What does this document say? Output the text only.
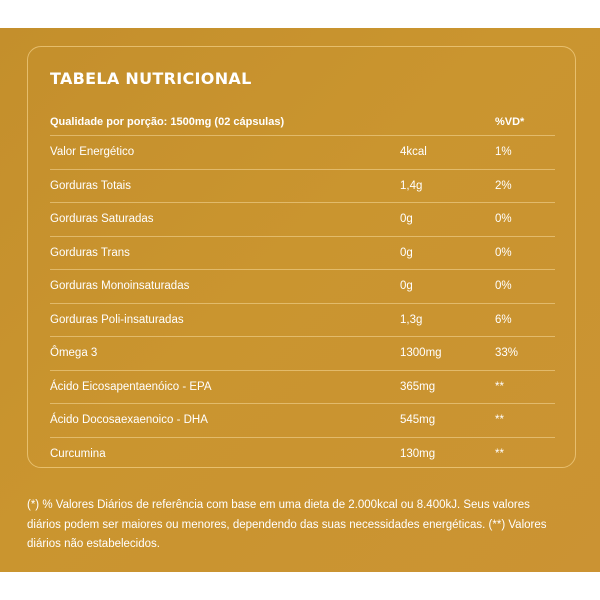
TABELA NUTRICIONAL
Qualidade por porção: 1500mg (02 cápsulas)	%VD*
Valor Energético	4kcal	1%
Gorduras Totais	1,4g	2%
Gorduras Saturadas	0g	0%
Gorduras Trans	0g	0%
Gorduras Monoinsaturadas	0g	0%
Gorduras Poli-insaturadas	1,3g	6%
Ômega 3	1300mg	33%
Ácido Eicosapentaenóico - EPA	365mg	**
Ácido Docosaexaenoico - DHA	545mg	**
Curcumina	130mg	**

(*) % Valores Diários de referência com base em uma dieta de 2.000kcal ou 8.400kJ. Seus valores diários podem ser maiores ou menores, dependendo das suas necessidades energéticas. (**) Valores diários não estabelecidos.
